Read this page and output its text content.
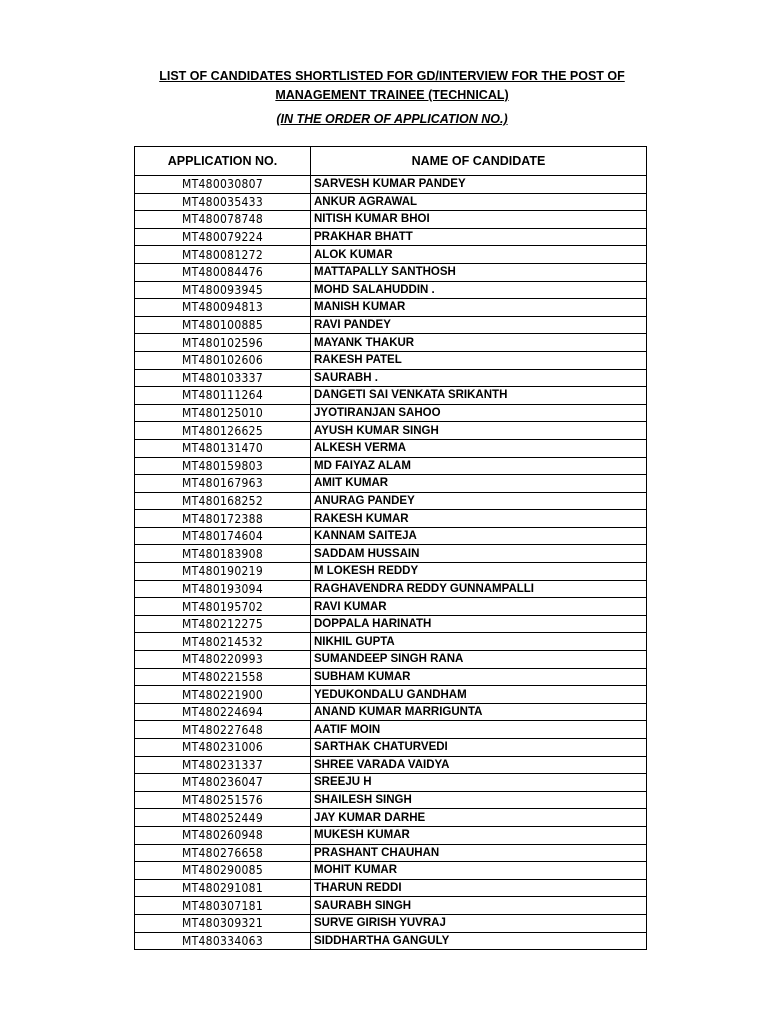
LIST OF CANDIDATES SHORTLISTED FOR GD/INTERVIEW FOR THE POST OF
MANAGEMENT TRAINEE (TECHNICAL)
(IN THE ORDER OF APPLICATION NO.)
APPLICATION NO.	NAME OF CANDIDATE
MT480030807	SARVESH KUMAR PANDEY
MT480035433	ANKUR AGRAWAL
MT480078748	NITISH KUMAR BHOI
MT480079224	PRAKHAR BHATT
MT480081272	ALOK KUMAR
MT480084476	MATTAPALLY SANTHOSH
MT480093945	MOHD SALAHUDDIN .
MT480094813	MANISH KUMAR
MT480100885	RAVI PANDEY
MT480102596	MAYANK THAKUR
MT480102606	RAKESH PATEL
MT480103337	SAURABH .
MT480111264	DANGETI SAI VENKATA SRIKANTH
MT480125010	JYOTIRANJAN SAHOO
MT480126625	AYUSH KUMAR SINGH
MT480131470	ALKESH VERMA
MT480159803	MD FAIYAZ ALAM
MT480167963	AMIT KUMAR
MT480168252	ANURAG PANDEY
MT480172388	RAKESH KUMAR
MT480174604	KANNAM SAITEJA
MT480183908	SADDAM HUSSAIN
MT480190219	M LOKESH REDDY
MT480193094	RAGHAVENDRA REDDY GUNNAMPALLI
MT480195702	RAVI KUMAR
MT480212275	DOPPALA HARINATH
MT480214532	NIKHIL GUPTA
MT480220993	SUMANDEEP SINGH RANA
MT480221558	SUBHAM KUMAR
MT480221900	YEDUKONDALU GANDHAM
MT480224694	ANAND KUMAR MARRIGUNTA
MT480227648	AATIF MOIN
MT480231006	SARTHAK CHATURVEDI
MT480231337	SHREE VARADA VAIDYA
MT480236047	SREEJU H
MT480251576	SHAILESH SINGH
MT480252449	JAY KUMAR DARHE
MT480260948	MUKESH KUMAR
MT480276658	PRASHANT CHAUHAN
MT480290085	MOHIT KUMAR
MT480291081	THARUN REDDI
MT480307181	SAURABH SINGH
MT480309321	SURVE GIRISH YUVRAJ
MT480334063	SIDDHARTHA GANGULY
